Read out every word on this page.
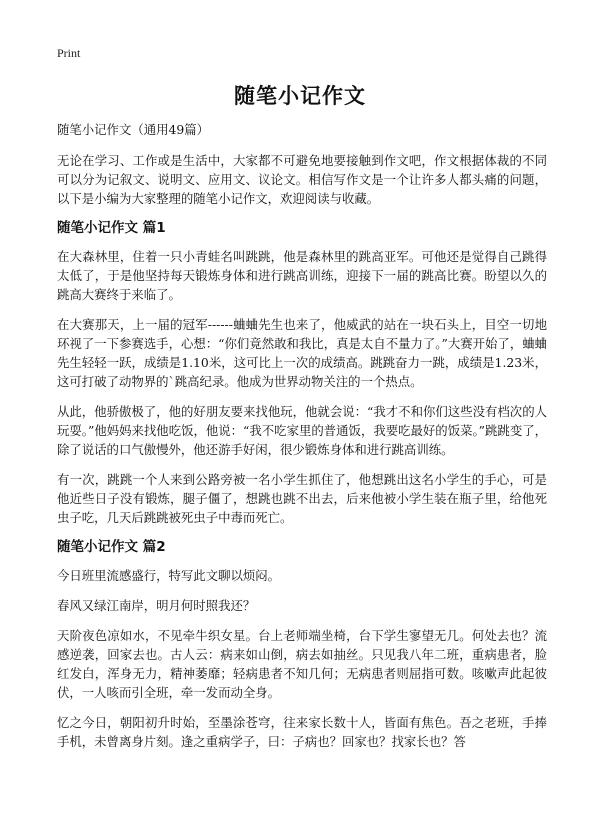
Print
随笔小记作文

随笔小记作文（通用49篇）

无论在学习、工作或是生活中，大家都不可避免地要接触到作文吧，作文根据体裁的不同可以分为记叙文、说明文、应用文、议论文。相信写作文是一个让许多人都头痛的问题，以下是小编为大家整理的随笔小记作文，欢迎阅读与收藏。

随笔小记作文 篇1

在大森林里，住着一只小青蛙名叫跳跳，他是森林里的跳高亚军。可他还是觉得自己跳得太低了，于是他坚持每天锻炼身体和进行跳高训练，迎接下一届的跳高比赛。盼望以久的跳高大赛终于来临了。

在大赛那天，上一届的冠军------蛐蛐先生也来了，他威武的站在一块石头上，目空一切地环视了一下参赛选手，心想：“你们竟然敢和我比，真是太自不量力了。”大赛开始了，蛐蛐先生轻轻一跃，成绩是1.10米，这可比上一次的成绩高。跳跳奋力一跳，成绩是1.23米，这可打破了动物界的`跳高纪录。他成为世界动物关注的一个热点。

从此，他骄傲极了，他的好朋友要来找他玩，他就会说：“我才不和你们这些没有档次的人玩耍。”他妈妈来找他吃饭，他说：“我不吃家里的普通饭，我要吃最好的饭菜。”跳跳变了，除了说话的口气傲慢外，他还游手好闲，很少锻炼身体和进行跳高训练。

有一次，跳跳一个人来到公路旁被一名小学生抓住了，他想跳出这名小学生的手心，可是他近些日子没有锻炼，腿子僵了，想跳也跳不出去，后来他被小学生装在瓶子里，给他死虫子吃，几天后跳跳被死虫子中毒而死亡。

随笔小记作文 篇2

今日班里流感盛行，特写此文聊以烦闷。

春风又绿江南岸，明月何时照我还？

天阶夜色凉如水，不见牵牛织女星。台上老师端坐椅，台下学生寥望无几。何处去也？流感逆袭，回家去也。古人云：病来如山倒，病去如抽丝。只见我八年二班，重病患者，脸红发白，浑身无力，精神萎靡；轻病患者不知几何；无病患者则屈指可数。咳嗽声此起彼伏，一人咳而引全班，牵一发而动全身。

忆之今日，朝阳初升时始，至墨涂苍穹，往来家长数十人，皆面有焦色。吾之老班，手捧手机，未曾离身片刻。逢之重病学子，曰：子病也？回家也？找家长也？答
